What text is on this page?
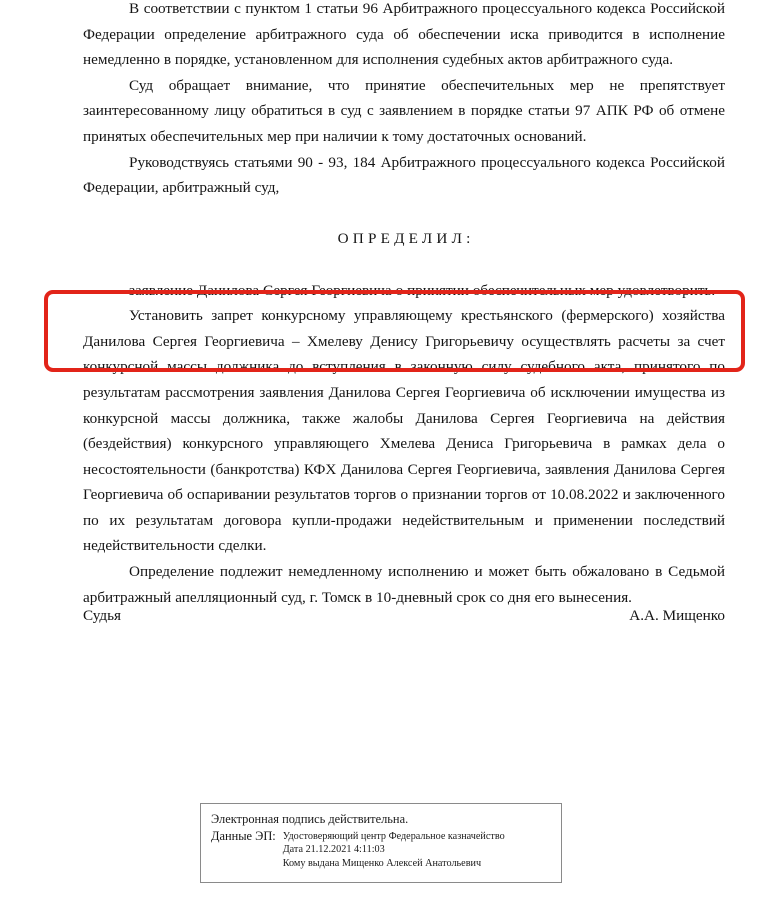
В соответствии с пунктом 1 статьи 96 Арбитражного процессуального кодекса Российской Федерации определение арбитражного суда об обеспечении иска приводится в исполнение немедленно в порядке, установленном для исполнения судебных актов арбитражного суда.

Суд обращает внимание, что принятие обеспечительных мер не препятствует заинтересованному лицу обратиться в суд с заявлением в порядке статьи 97 АПК РФ об отмене принятых обеспечительных мер при наличии к тому достаточных оснований.

Руководствуясь статьями 90 - 93, 184 Арбитражного процессуального кодекса Российской Федерации, арбитражный суд,

ОПРЕДЕЛИЛ:

заявление Данилова Сергея Георгиевича о принятии обеспечительных мер удовлетворить.

Установить запрет конкурсному управляющему крестьянского (фермерского) хозяйства Данилова Сергея Георгиевича – Хмелеву Денису Григорьевичу осуществлять расчеты за счет конкурсной массы должника до вступления в законную силу судебного акта, принятого по результатам рассмотрения заявления Данилова Сергея Георгиевича об исключении имущества из конкурсной массы должника, также жалобы Данилова Сергея Георгиевича на действия (бездействия) конкурсного управляющего Хмелева Дениса Григорьевича в рамках дела о несостоятельности (банкротства) КФХ Данилова Сергея Георгиевича, заявления Данилова Сергея Георгиевича об оспаривании результатов торгов о признании торгов от 10.08.2022 и заключенного по их результатам договора купли-продажи недействительным и применении последствий недействительности сделки.

Определение подлежит немедленному исполнению и может быть обжаловано в Седьмой арбитражный апелляционный суд, г. Томск в 10-дневный срок со дня его вынесения.

Судья	А.А. Мищенко
Электронная подпись действительна.
Данные ЭП: Удостоверяющий центр Федеральное казначейство
Дата 21.12.2021 4:11:03
Кому выдана Мищенко Алексей Анатольевич
